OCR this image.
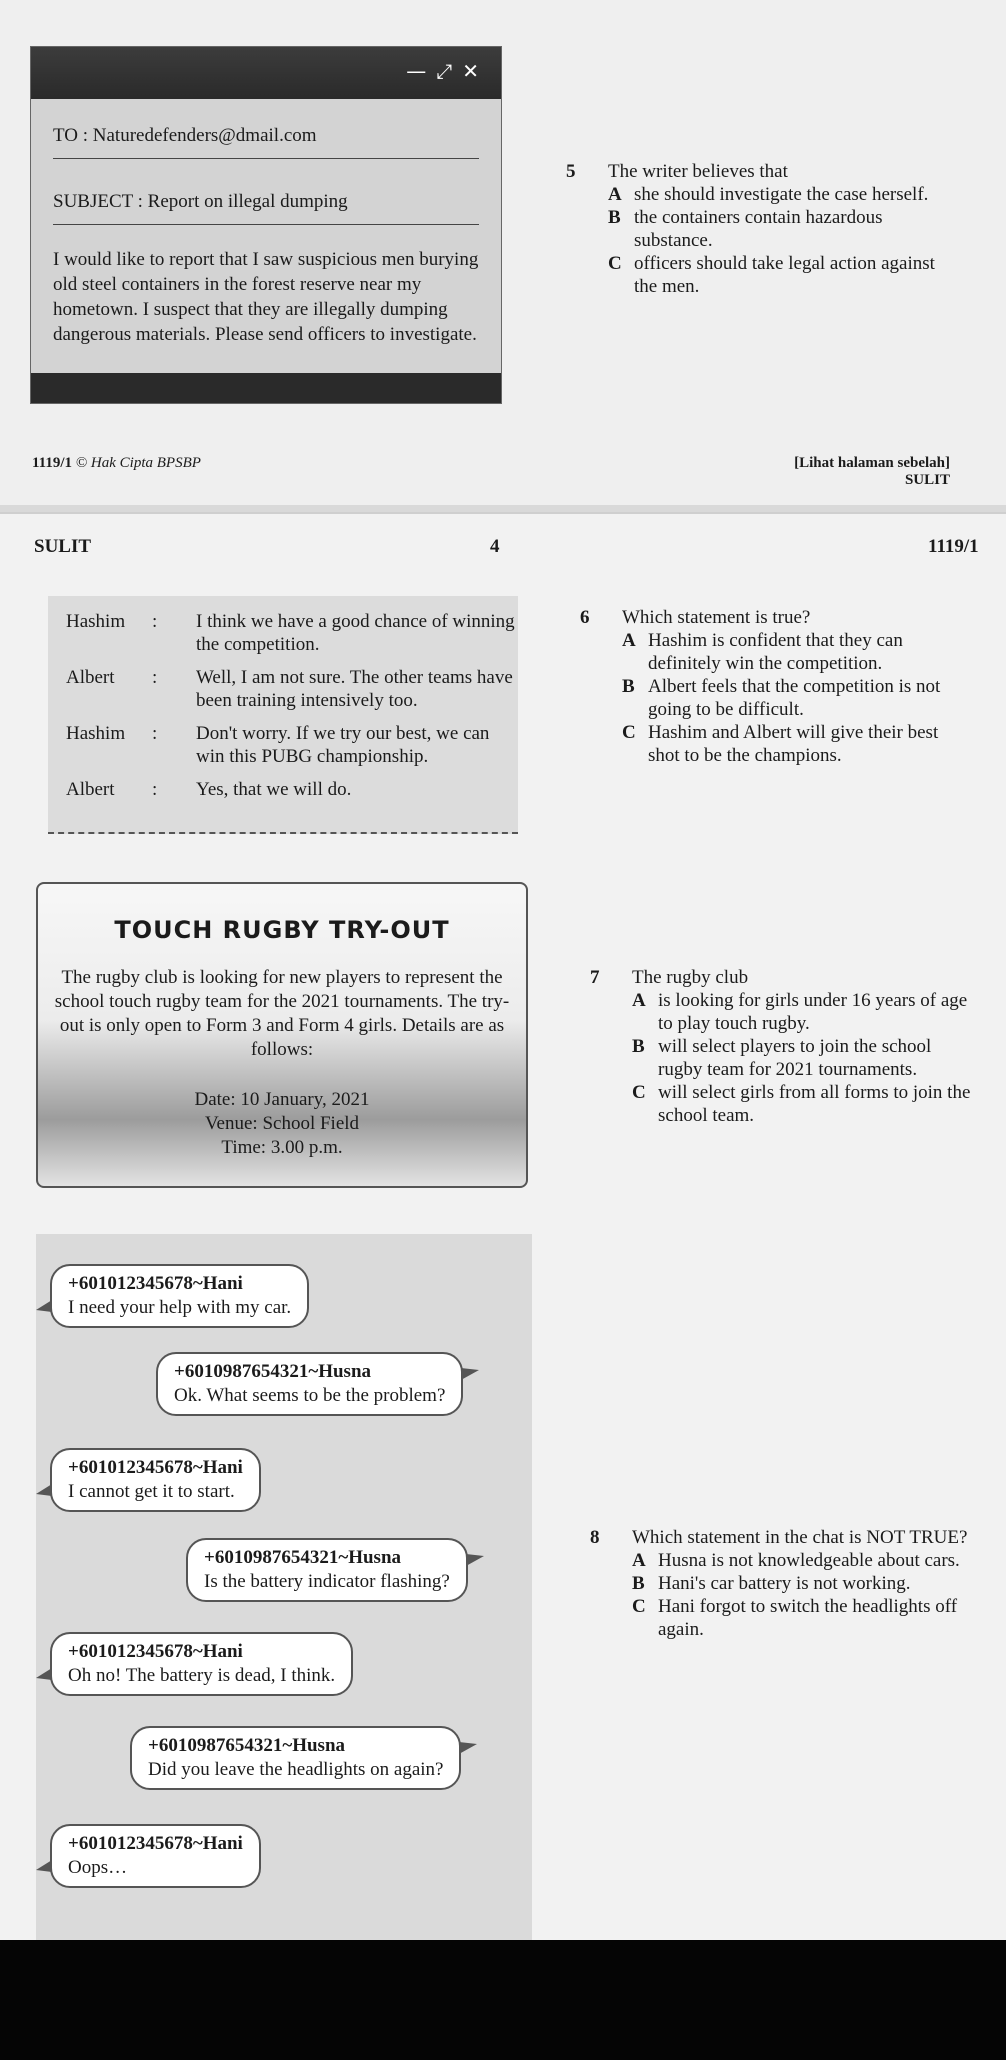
—⤢✕
TO : Naturedefenders@dmail.com
SUBJECT : Report on illegal dumping
I would like to report that I saw suspicious men burying old steel containers in the forest reserve near my hometown. I suspect that they are illegally dumping dangerous materials. Please send officers to investigate.
5 The writer believes that
A she should investigate the case herself.
B the containers contain hazardous substance.
C officers should take legal action against the men.
1119/1 © Hak Cipta BPSBP	[Lihat halaman sebelah]
SULIT
SULIT	4	1119/1
Hashim : I think we have a good chance of winning the competition.
Albert : Well, I am not sure. The other teams have been training intensively too.
Hashim : Don't worry. If we try our best, we can win this PUBG championship.
Albert : Yes, that we will do.
6 Which statement is true?
A Hashim is confident that they can definitely win the competition.
B Albert feels that the competition is not going to be difficult.
C Hashim and Albert will give their best shot to be the champions.
TOUCH RUGBY TRY-OUT
The rugby club is looking for new players to represent the school touch rugby team for the 2021 tournaments. The try-out is only open to Form 3 and Form 4 girls. Details are as follows:
Date: 10 January, 2021
Venue: School Field
Time: 3.00 p.m.
7 The rugby club
A is looking for girls under 16 years of age to play touch rugby.
B will select players to join the school rugby team for 2021 tournaments.
C will select girls from all forms to join the school team.
+601012345678~Hani
I need your help with my car.
+6010987654321~Husna
Ok. What seems to be the problem?
+601012345678~Hani
I cannot get it to start.
+6010987654321~Husna
Is the battery indicator flashing?
+601012345678~Hani
Oh no! The battery is dead, I think.
+6010987654321~Husna
Did you leave the headlights on again?
+601012345678~Hani
Oops…
8 Which statement in the chat is NOT TRUE?
A Husna is not knowledgeable about cars.
B Hani's car battery is not working.
C Hani forgot to switch the headlights off again.
